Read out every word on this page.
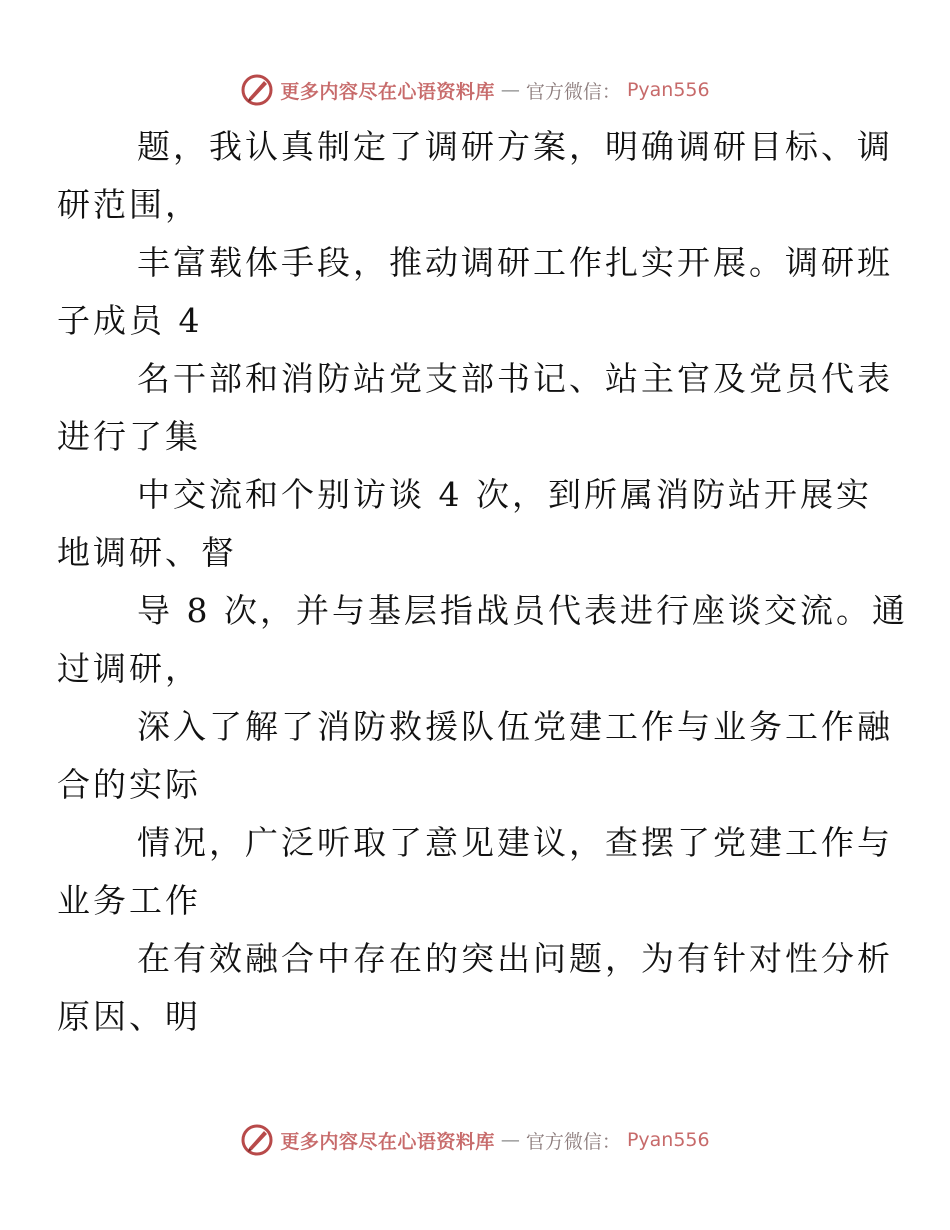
更多内容尽在心语资料库 — 官方微信： Pyan556

题，我认真制定了调研方案，明确调研目标、调
研范围，

丰富载体手段，推动调研工作扎实开展。调研班
子成员 4

名干部和消防站党支部书记、站主官及党员代表
进行了集

中交流和个别访谈 4 次，到所属消防站开展实
地调研、督

导 8 次，并与基层指战员代表进行座谈交流。通
过调研，

深入了解了消防救援队伍党建工作与业务工作融
合的实际

情况，广泛听取了意见建议，查摆了党建工作与
业务工作

在有效融合中存在的突出问题，为有针对性分析
原因、明

更多内容尽在心语资料库 — 官方微信： Pyan556
